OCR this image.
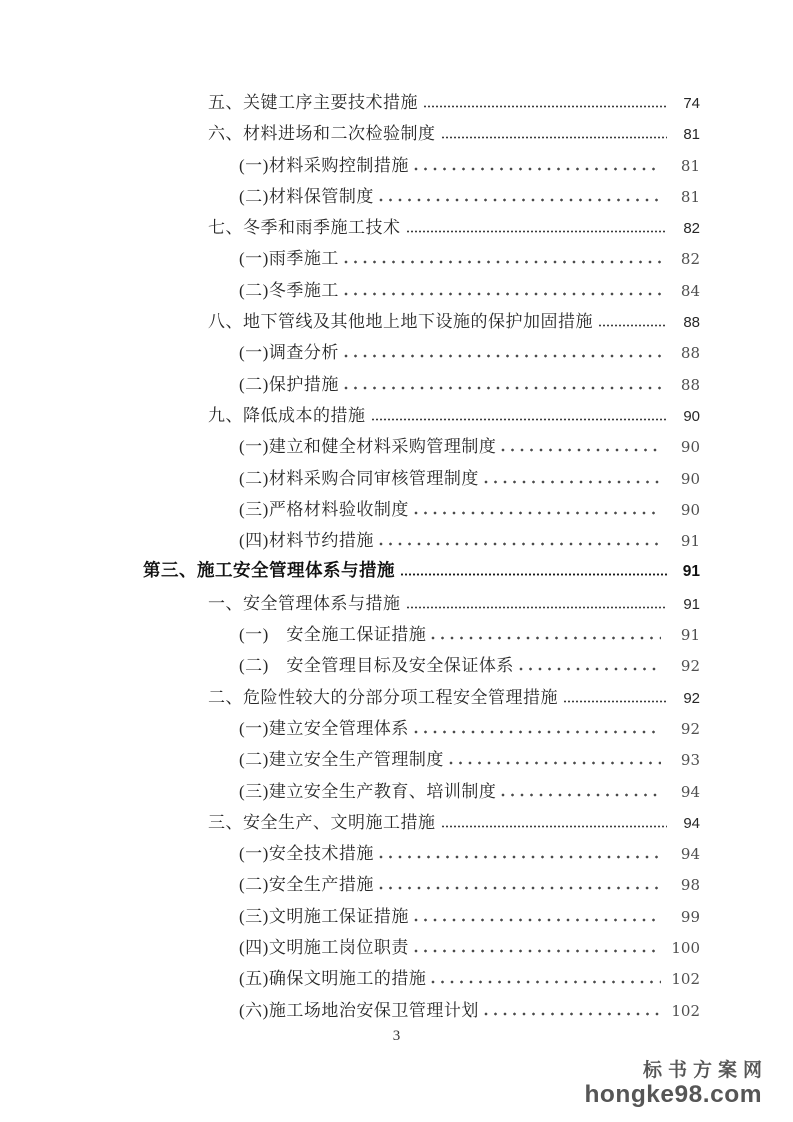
五、关键工序主要技术措施	74
六、材料进场和二次检验制度	81
(一)材料采购控制措施	81
(二)材料保管制度	81
七、冬季和雨季施工技术	82
(一)雨季施工	82
(二)冬季施工	84
八、地下管线及其他地上地下设施的保护加固措施	88
(一)调查分析	88
(二)保护措施	88
九、降低成本的措施	90
(一)建立和健全材料采购管理制度	90
(二)材料采购合同审核管理制度	90
(三)严格材料验收制度	90
(四)材料节约措施	91
第三、施工安全管理体系与措施	91
一、安全管理体系与措施	91
(一)　安全施工保证措施	91
(二)　安全管理目标及安全保证体系	92
二、危险性较大的分部分项工程安全管理措施	92
(一)建立安全管理体系	92
(二)建立安全生产管理制度	93
(三)建立安全生产教育、培训制度	94
三、安全生产、文明施工措施	94
(一)安全技术措施	94
(二)安全生产措施	98
(三)文明施工保证措施	99
(四)文明施工岗位职责	100
(五)确保文明施工的措施	102
(六)施工场地治安保卫管理计划	102
3
标书方案网
hongke98.com
